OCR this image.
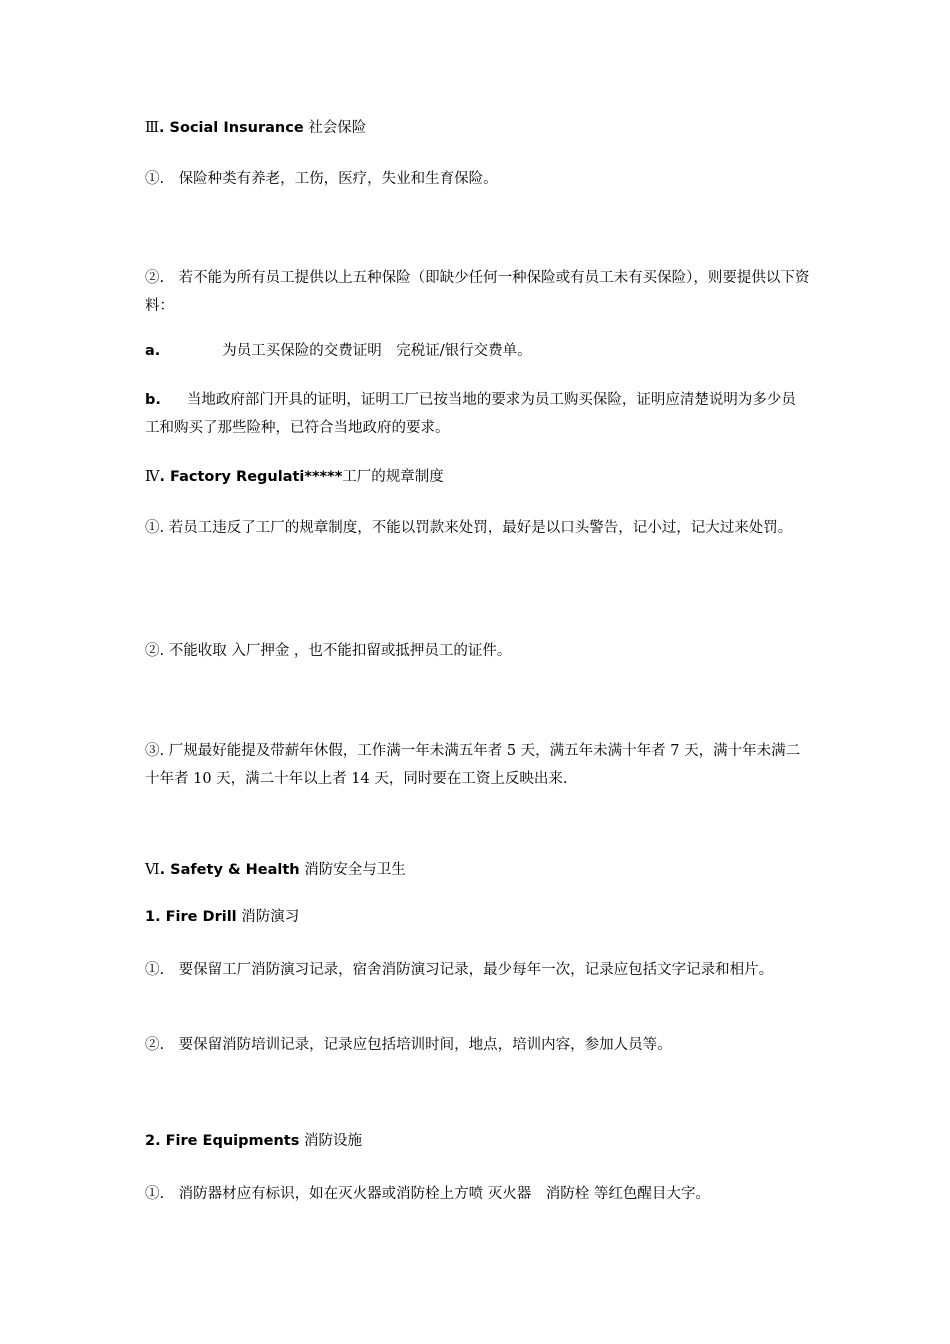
Ⅲ. Social Insurance 社会保险
①.　保险种类有养老，工伤，医疗，失业和生育保险。
②.　若不能为所有员工提供以上五种保险（即缺少任何一种保险或有员工未有买保险），则要提供以下资料：
a.	为员工买保险的交费证明　完税证/银行交费单。
b. 当地政府部门开具的证明，证明工厂已按当地的要求为员工购买保险，证明应清楚说明为多少员工和购买了那些险种，已符合当地政府的要求。
Ⅳ. Factory Regulati*****工厂的规章制度
①. 若员工违反了工厂的规章制度，不能以罚款来处罚，最好是以口头警告，记小过，记大过来处罚。
②. 不能收取 入厂押金 ，也不能扣留或抵押员工的证件。
③. 厂规最好能提及带薪年休假，工作满一年未满五年者 5 天，满五年未满十年者 7 天，满十年未满二十年者 10 天，满二十年以上者 14 天，同时要在工资上反映出来.
Ⅵ. Safety & Health 消防安全与卫生
1. Fire Drill 消防演习
①.　要保留工厂消防演习记录，宿舍消防演习记录，最少每年一次，记录应包括文字记录和相片。
②.　要保留消防培训记录，记录应包括培训时间，地点，培训内容，参加人员等。
2. Fire Equipments 消防设施
①.　消防器材应有标识，如在灭火器或消防栓上方喷 灭火器　消防栓 等红色醒目大字。
